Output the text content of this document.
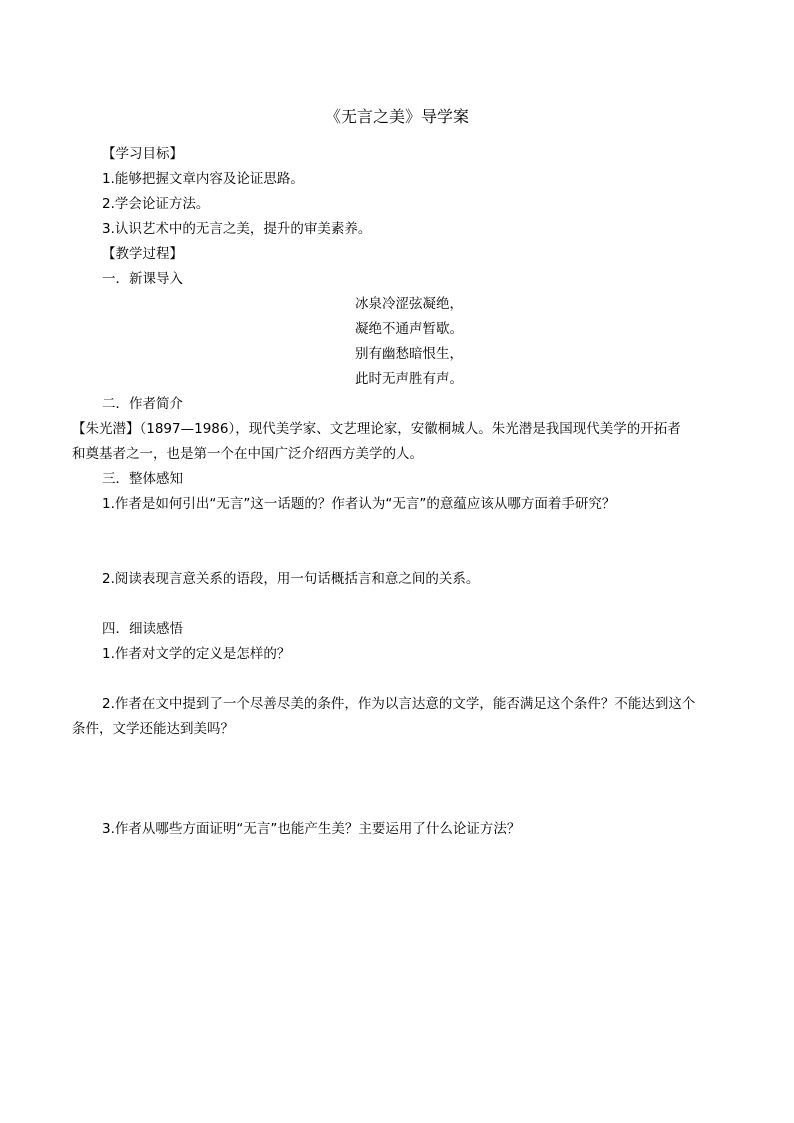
《无言之美》导学案
【学习目标】
1.能够把握文章内容及论证思路。
2.学会论证方法。
3.认识艺术中的无言之美，提升的审美素养。
【教学过程】
一．新课导入
冰泉冷涩弦凝绝，
凝绝不通声暂歇。
别有幽愁暗恨生，
此时无声胜有声。
二．作者简介
【朱光潜】（1897—1986），现代美学家、文艺理论家，安徽桐城人。朱光潜是我国现代美学的开拓者
和奠基者之一，也是第一个在中国广泛介绍西方美学的人。
三．整体感知
1.作者是如何引出“无言”这一话题的？作者认为“无言”的意蕴应该从哪方面着手研究？
2.阅读表现言意关系的语段，用一句话概括言和意之间的关系。
四．细读感悟
1.作者对文学的定义是怎样的？
2.作者在文中提到了一个尽善尽美的条件，作为以言达意的文学，能否满足这个条件？不能达到这个
条件，文学还能达到美吗？
3.作者从哪些方面证明“无言”也能产生美？主要运用了什么论证方法？
